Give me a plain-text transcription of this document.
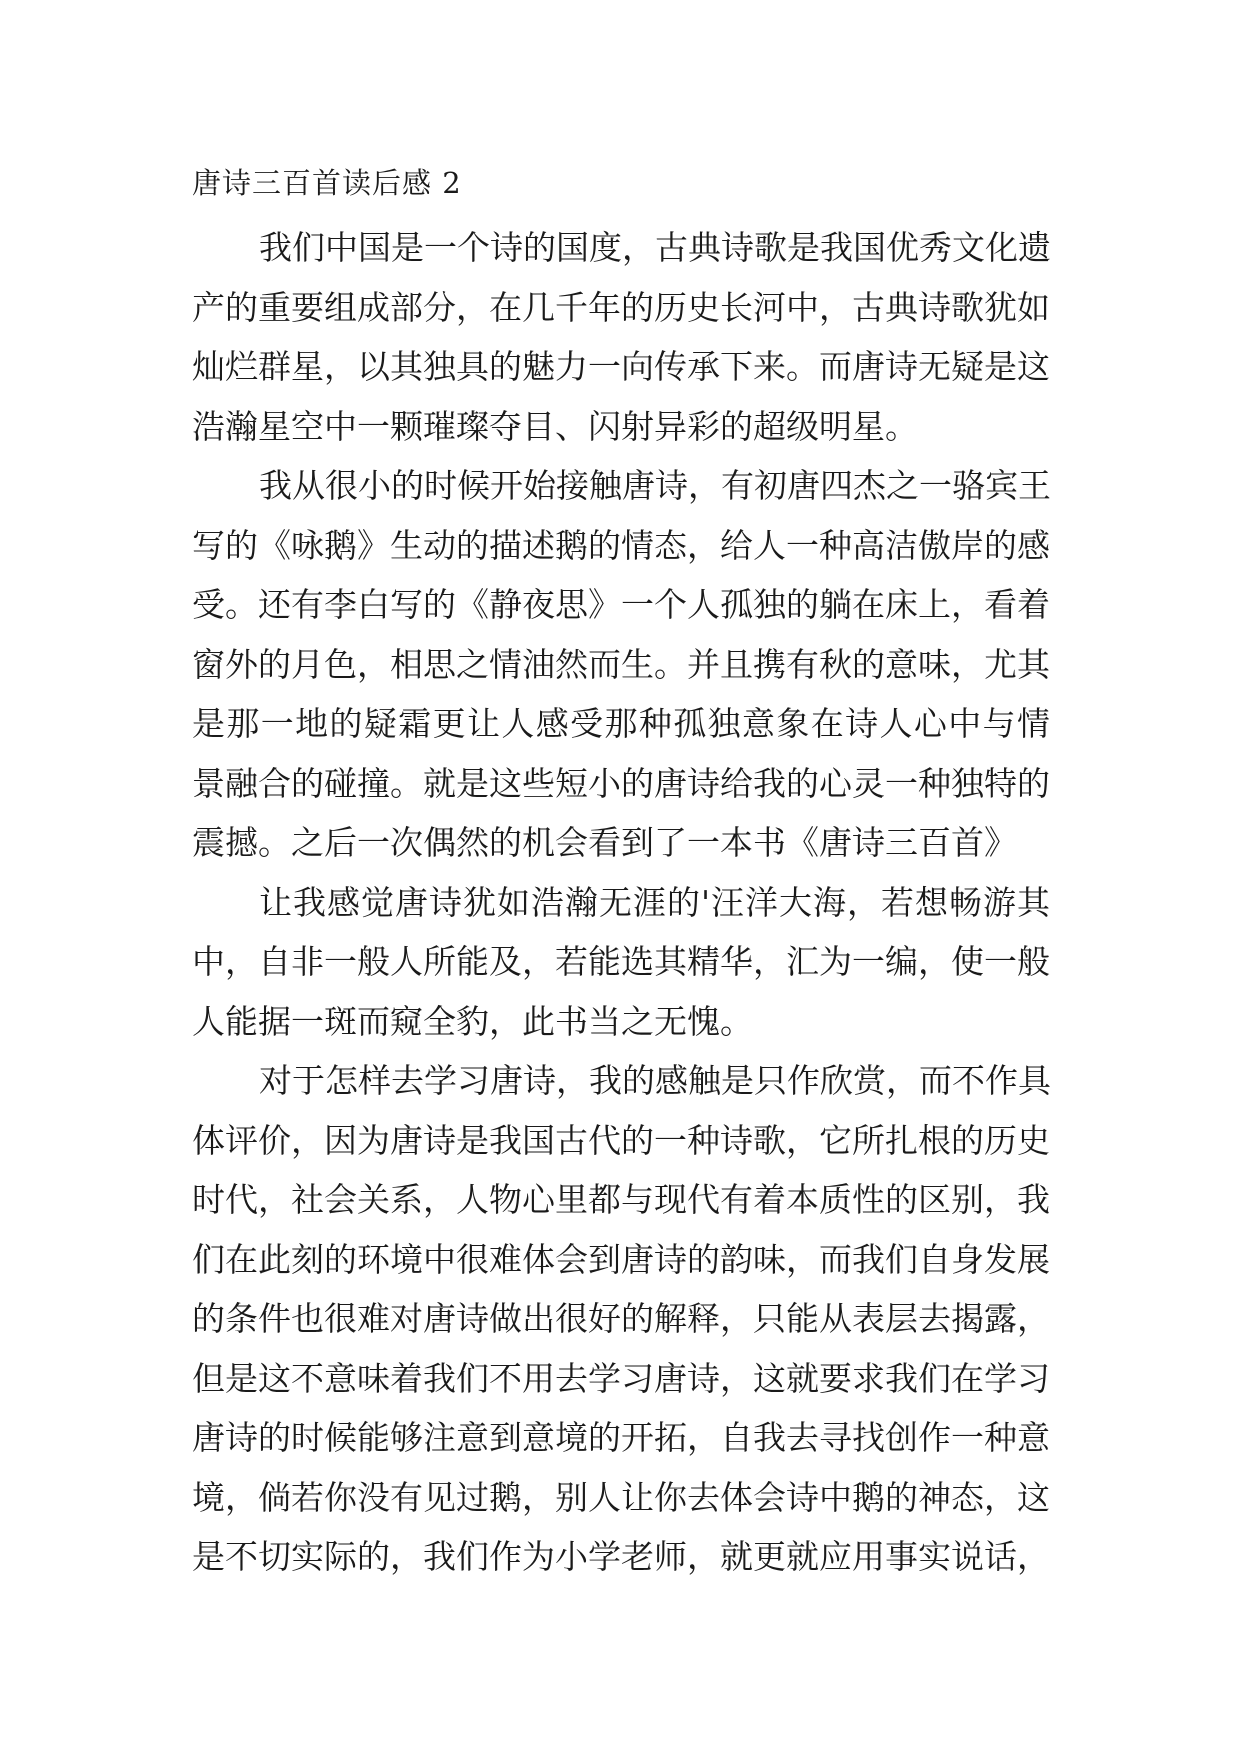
唐诗三百首读后感 2
我们中国是一个诗的国度，古典诗歌是我国优秀文化遗
产的重要组成部分，在几千年的历史长河中，古典诗歌犹如
灿烂群星，以其独具的魅力一向传承下来。而唐诗无疑是这
浩瀚星空中一颗璀璨夺目、闪射异彩的超级明星。
我从很小的时候开始接触唐诗，有初唐四杰之一骆宾王
写的《咏鹅》生动的描述鹅的情态，给人一种高洁傲岸的感
受。还有李白写的《静夜思》一个人孤独的躺在床上，看着
窗外的月色，相思之情油然而生。并且携有秋的意味，尤其
是那一地的疑霜更让人感受那种孤独意象在诗人心中与情
景融合的碰撞。就是这些短小的唐诗给我的心灵一种独特的
震撼。之后一次偶然的机会看到了一本书《唐诗三百首》
让我感觉唐诗犹如浩瀚无涯的'汪洋大海，若想畅游其
中，自非一般人所能及，若能选其精华，汇为一编，使一般
人能据一斑而窥全豹，此书当之无愧。
对于怎样去学习唐诗，我的感触是只作欣赏，而不作具
体评价，因为唐诗是我国古代的一种诗歌，它所扎根的历史
时代，社会关系，人物心里都与现代有着本质性的区别，我
们在此刻的环境中很难体会到唐诗的韵味，而我们自身发展
的条件也很难对唐诗做出很好的解释，只能从表层去揭露，
但是这不意味着我们不用去学习唐诗，这就要求我们在学习
唐诗的时候能够注意到意境的开拓，自我去寻找创作一种意
境，倘若你没有见过鹅，别人让你去体会诗中鹅的神态，这
是不切实际的，我们作为小学老师，就更就应用事实说话，
